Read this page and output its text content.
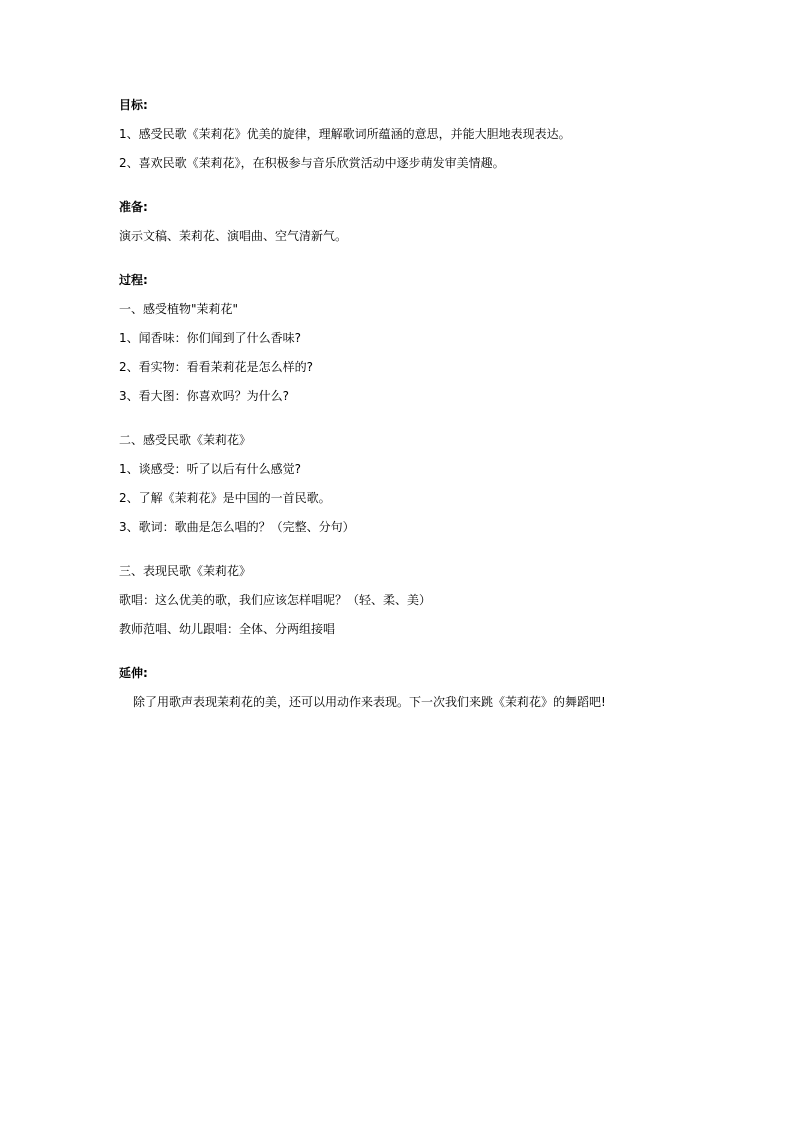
目标:
1、感受民歌《茉莉花》优美的旋律，理解歌词所蕴涵的意思，并能大胆地表现表达。
2、喜欢民歌《茉莉花》，在积极参与音乐欣赏活动中逐步萌发审美情趣。
准备:
演示文稿、茉莉花、演唱曲、空气清新气。
过程:
一、感受植物"茉莉花"
1、闻香味：你们闻到了什么香味?
2、看实物：看看茉莉花是怎么样的?
3、看大图：你喜欢吗？为什么?
二、感受民歌《茉莉花》
1、谈感受：听了以后有什么感觉?
2、了解《茉莉花》是中国的一首民歌。
3、歌词：歌曲是怎么唱的？（完整、分句）
三、表现民歌《茉莉花》
歌唱：这么优美的歌，我们应该怎样唱呢？（轻、柔、美）
教师范唱、幼儿跟唱：全体、分两组接唱
延伸:
除了用歌声表现茉莉花的美，还可以用动作来表现。下一次我们来跳《茉莉花》的舞蹈吧!
